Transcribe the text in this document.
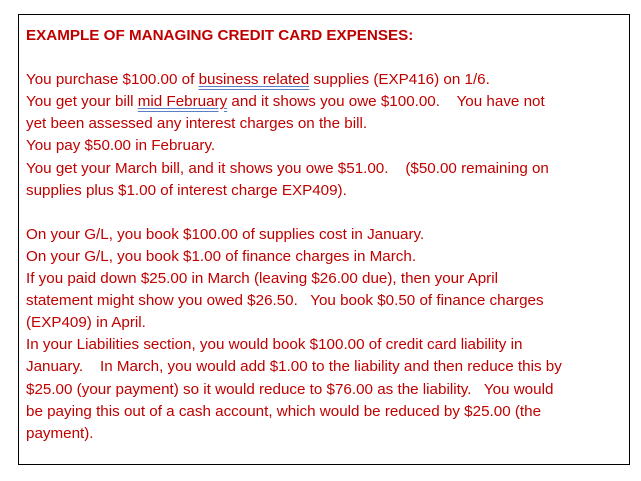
EXAMPLE OF MANAGING CREDIT CARD EXPENSES:

You purchase $100.00 of business related supplies (EXP416) on 1/6.
You get your bill mid February and it shows you owe $100.00.    You have not
yet been assessed any interest charges on the bill.
You pay $50.00 in February.
You get your March bill, and it shows you owe $51.00.    ($50.00 remaining on
supplies plus $1.00 of interest charge EXP409).
On your G/L, you book $100.00 of supplies cost in January.
On your G/L, you book $1.00 of finance charges in March.
If you paid down $25.00 in March (leaving $26.00 due), then your April
statement might show you owed $26.50.   You book $0.50 of finance charges
(EXP409) in April.
In your Liabilities section, you would book $100.00 of credit card liability in
January.    In March, you would add $1.00 to the liability and then reduce this by
$25.00 (your payment) so it would reduce to $76.00 as the liability.   You would
be paying this out of a cash account, which would be reduced by $25.00 (the
payment).
